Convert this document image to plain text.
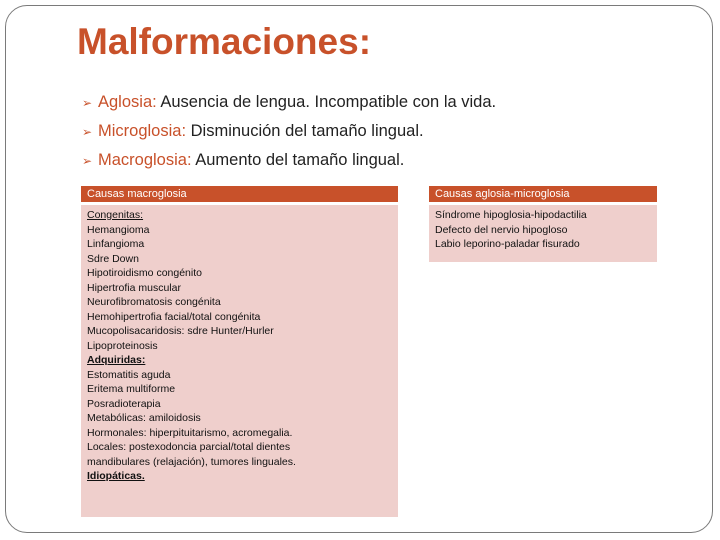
Malformaciones:
➢ Aglosia: Ausencia de lengua. Incompatible con la vida.
➢ Microglosia: Disminución del tamaño lingual.
➢ Macroglosia: Aumento del tamaño lingual.
Causas macroglosia
Congenitas:
Hemangioma
Linfangioma
Sdre Down
Hipotiroidismo congénito
Hipertrofia muscular
Neurofibromatosis congénita
Hemohipertrofia facial/total congénita
Mucopolisacaridosis: sdre Hunter/Hurler
Lipoproteinosis
Adquiridas:
Estomatitis aguda
Eritema multiforme
Posradioterapia
Metabólicas: amiloidosis
Hormonales: hiperpituitarismo, acromegalia.
Locales: postexodoncia parcial/total dientes
mandibulares (relajación), tumores linguales.
Idiopáticas.
Causas aglosia-microglosia
Síndrome hipoglosia-hipodactilia
Defecto del nervio hipogloso
Labio leporino-paladar fisurado
